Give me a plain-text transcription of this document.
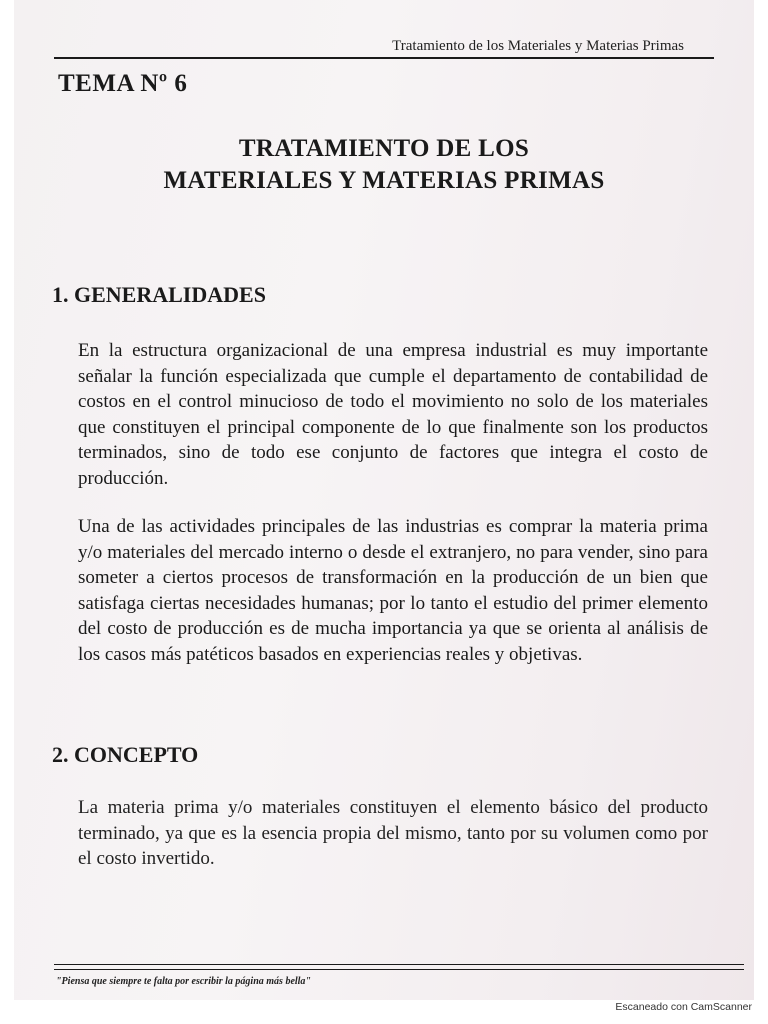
Tratamiento de los Materiales y Materias Primas
TEMA Nº 6
TRATAMIENTO DE LOS
MATERIALES Y MATERIAS PRIMAS
1. GENERALIDADES
En la estructura organizacional de una empresa industrial es muy importante señalar la función especializada que cumple el departamento de contabilidad de costos en el control minucioso de todo el movimiento no solo de los materiales que constituyen el principal componente de lo que finalmente son los productos terminados, sino de todo ese conjunto de factores que integra el costo de producción.
Una de las actividades principales de las industrias es comprar la materia prima y/o materiales del mercado interno o desde el extranjero, no para vender, sino para someter a ciertos procesos de transformación en la producción de un bien que satisfaga ciertas necesidades humanas; por lo tanto el estudio del primer elemento del costo de producción es de mucha importancia ya que se orienta al análisis de los casos más patéticos basados en experiencias reales y objetivas.
2. CONCEPTO
La materia prima y/o materiales constituyen el elemento básico del producto terminado, ya que es la esencia propia del mismo, tanto por su volumen como por el costo invertido.
"Piensa que siempre te falta por escribir la página más bella"
Escaneado con CamScanner
